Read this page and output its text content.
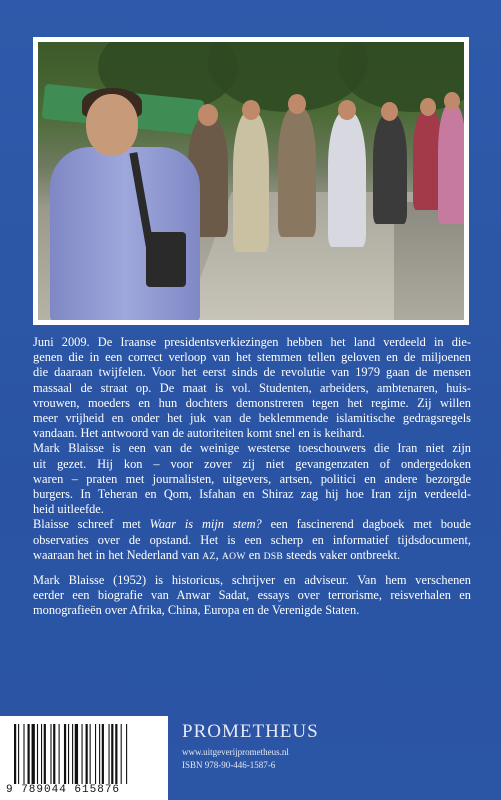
Juni 2009. De Iraanse presidentsverkiezingen hebben het land verdeeld in die-
genen die in een correct verloop van het stemmen tellen geloven en de miljoenen
die daaraan twijfelen. Voor het eerst sinds de revolutie van 1979 gaan de mensen
massaal de straat op. De maat is vol. Studenten, arbeiders, ambtenaren, huis-
vrouwen, moeders en hun dochters demonstreren tegen het regime. Zij willen
meer vrijheid en onder het juk van de beklemmende islamitische gedragsregels
vandaan. Het antwoord van de autoriteiten komt snel en is keihard.

Mark Blaisse is een van de weinige westerse toeschouwers die Iran niet zijn
uit gezet. Hij kon – voor zover zij niet gevangenzaten of ondergedoken
waren – praten met journalisten, uitgevers, artsen, politici en andere bezorgde
burgers. In Teheran en Qom, Isfahan en Shiraz zag hij hoe Iran zijn verdeeld-
heid uitleefde.

Blaisse schreef met Waar is mijn stem? een fascinerend dagboek met boude
observaties over de opstand. Het is een scherp en informatief tijdsdocument,
waaraan het in het Nederland van AZ, AOW en DSB steeds vaker ontbreekt.

Mark Blaisse (1952) is historicus, schrijver en adviseur. Van hem verschenen
eerder een biografie van Anwar Sadat, essays over terrorisme, reisverhalen en
monografieën over Afrika, China, Europa en de Verenigde Staten.

9 789044 615876
PROMETHEUS
www.uitgeverijprometheus.nl
ISBN 978-90-446-1587-6
